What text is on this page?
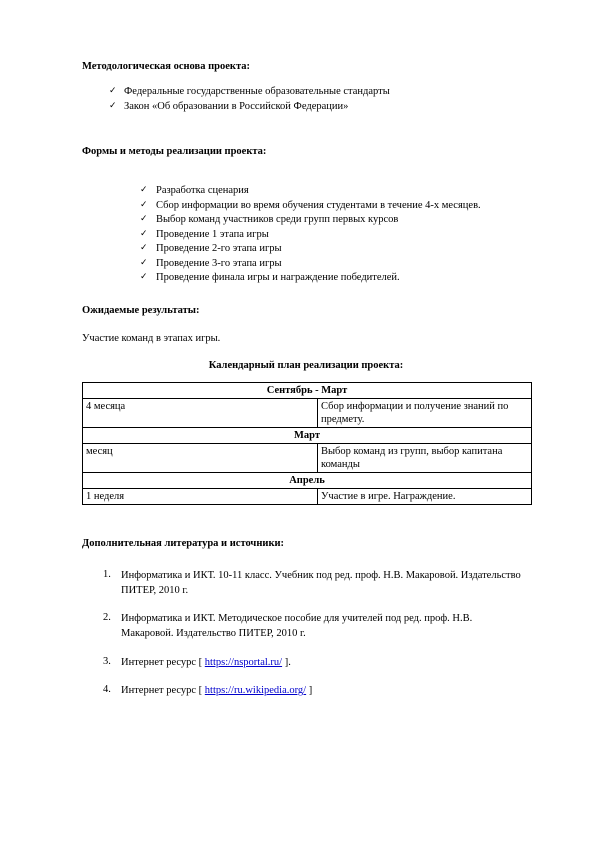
Методологическая основа проекта:
✓ Федеральные государственные образовательные стандарты
✓ Закон «Об образовании в Российской Федерации»
Формы и методы реализации проекта:
✓ Разработка сценария
✓ Сбор информации во время обучения студентами в течение 4-х месяцев.
✓ Выбор команд участников среди групп первых курсов
✓ Проведение 1 этапа игры
✓ Проведение 2-го этапа игры
✓ Проведение 3-го этапа игры
✓ Проведение финала игры и награждение победителей.
Ожидаемые результаты:
Участие команд в этапах игры.
Календарный план реализации проекта:
Сентябрь - Март	
4 месяца	Сбор информации и получение знаний по предмету.
Март	
месяц	Выбор команд из групп, выбор капитана команды
Апрель	
1 неделя	Участие в игре. Награждение.
Дополнительная литература и источники:
1. Информатика и ИКТ. 10-11 класс. Учебник под ред. проф. Н.В. Макаровой. Издательство ПИТЕР, 2010 г.
2. Информатика и ИКТ. Методическое пособие для учителей под ред. проф. Н.В. Макаровой. Издательство ПИТЕР, 2010 г.
3. Интернет ресурс [ https://nsportal.ru/ ].
4. Интернет ресурс [ https://ru.wikipedia.org/ ]
